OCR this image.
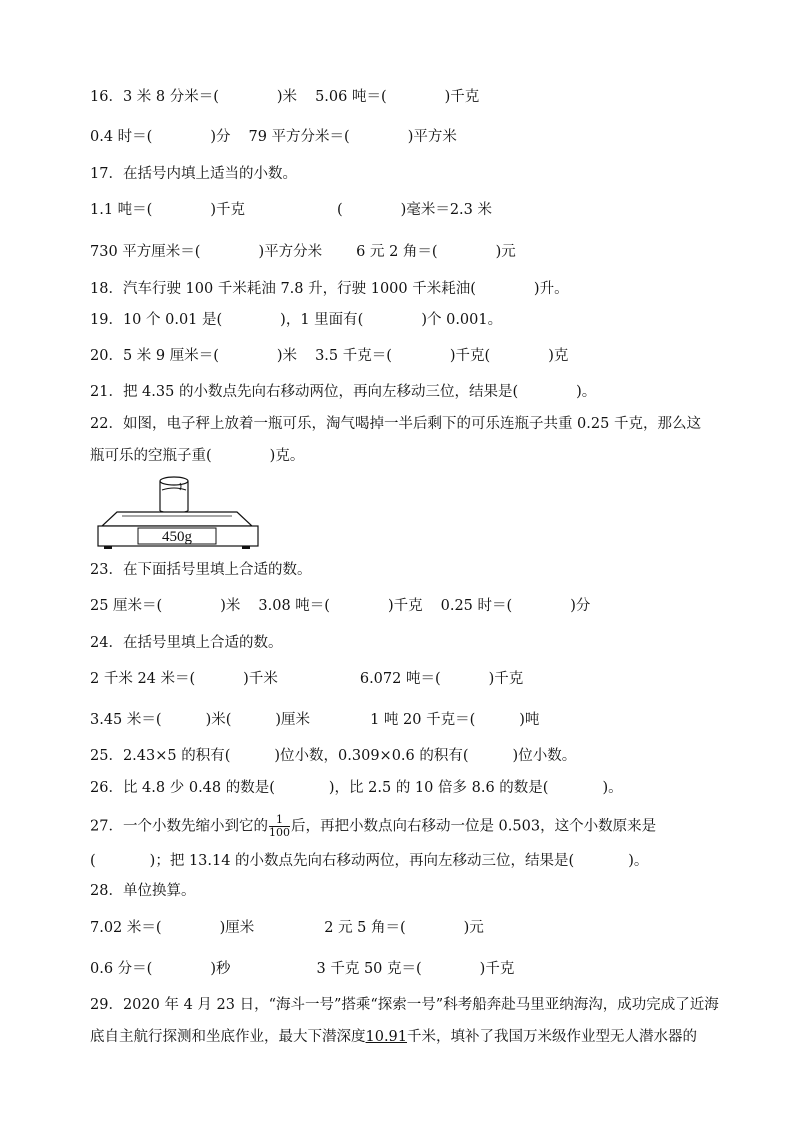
16．3 米 8 分米＝(	)米 5.06 吨＝(	)千克
0.4 时＝(	)分 79 平方分米＝(	)平方米
17．在括号内填上适当的小数。
1.1 吨＝(	)千克	(	)毫米＝2.3 米
730 平方厘米＝(	)平方分米 6 元 2 角＝(	)元
18．汽车行驶 100 千米耗油 7.8 升，行驶 1000 千米耗油(	)升。
19．10 个 0.01 是(	)，1 里面有(	)个 0.001。
20．5 米 9 厘米＝(	)米 3.5 千克＝(	)千克(	)克
21．把 4.35 的小数点先向右移动两位，再向左移动三位，结果是(	)。
22．如图，电子秤上放着一瓶可乐，淘气喝掉一半后剩下的可乐连瓶子共重 0.25 千克，那么这
瓶可乐的空瓶子重(	)克。
450g
23．在下面括号里填上合适的数。
25 厘米＝(	)米 3.08 吨＝(	)千克 0.25 时＝(	)分
24．在括号里填上合适的数。
2 千米 24 米＝(	)千米	6.072 吨＝(	)千克
3.45 米＝(	)米(	)厘米	1 吨 20 千克＝(	)吨
25．2.43×5 的积有(	)位小数，0.309×0.6 的积有(	)位小数。
26．比 4.8 少 0.48 的数是(	)，比 2.5 的 10 倍多 8.6 的数是(	)。
27．一个小数先缩小到它的 $\frac{1}{100}$ 后，再把小数点向右移动一位是 0.503，这个小数原来是
(	)；把 13.14 的小数点先向右移动两位，再向左移动三位，结果是(	)。
28．单位换算。
7.02 米＝(	)厘米	2 元 5 角＝(	)元
0.6 分＝(	)秒	3 千克 50 克＝(	)千克
29．2020 年 4 月 23 日，“海斗一号”搭乘“探索一号”科考船奔赴马里亚纳海沟，成功完成了近海
底自主航行探测和坐底作业，最大下潜深度10.91千米，填补了我国万米级作业型无人潜水器的
